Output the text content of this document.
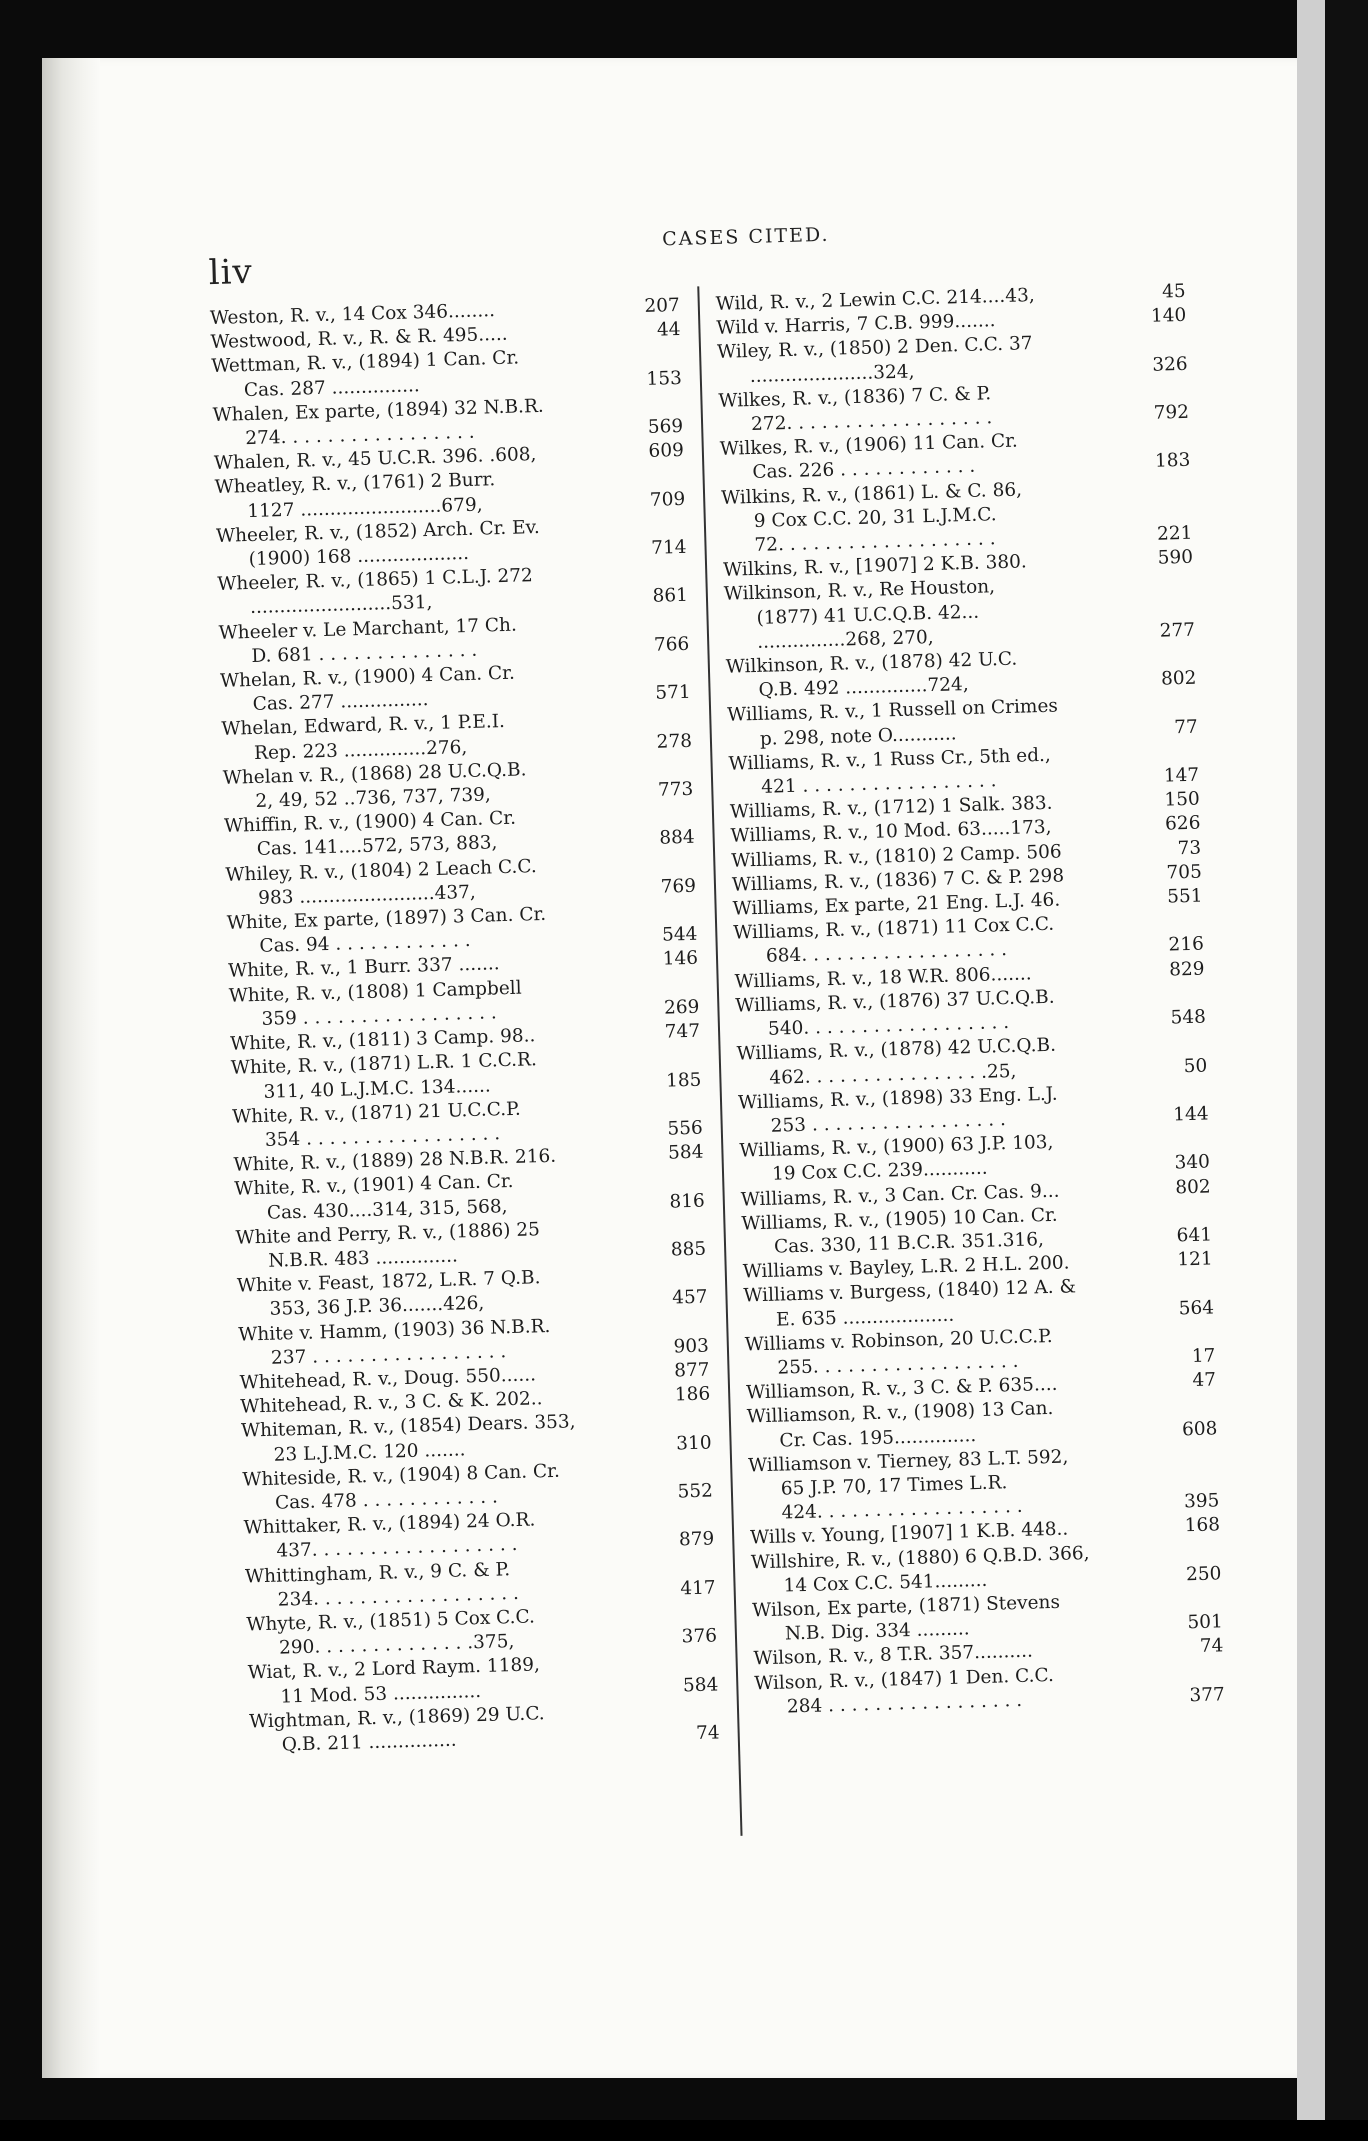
liv
CASES CITED.
Weston, R. v., 14 Cox 346........	207
Westwood, R. v., R. & R. 495.....	44
Wettman, R. v., (1894) 1 Can. Cr.
Cas. 287 ...............	153
Whalen, Ex parte, (1894) 32 N.B.R.
274. . . . . . . . . . . . . . . . .	569
Whalen, R. v., 45 U.C.R. 396. .608,	609
Wheatley, R. v., (1761) 2 Burr.
1127 ........................679,	709
Wheeler, R. v., (1852) Arch. Cr. Ev.
(1900) 168 ...................	714
Wheeler, R. v., (1865) 1 C.L.J. 272
........................531,	861
Wheeler v. Le Marchant, 17 Ch.
D. 681 . . . . . . . . . . . . . .	766
Whelan, R. v., (1900) 4 Can. Cr.
Cas. 277 ...............	571
Whelan, Edward, R. v., 1 P.E.I.
Rep. 223 ..............276,	278
Whelan v. R., (1868) 28 U.C.Q.B.
2, 49, 52 ..736, 737, 739,	773
Whiffin, R. v., (1900) 4 Can. Cr.
Cas. 141....572, 573, 883,	884
Whiley, R. v., (1804) 2 Leach C.C.
983 .......................437,	769
White, Ex parte, (1897) 3 Can. Cr.
Cas. 94 . . . . . . . . . . . .	544
White, R. v., 1 Burr. 337 .......	146
White, R. v., (1808) 1 Campbell
359 . . . . . . . . . . . . . . . . .	269
White, R. v., (1811) 3 Camp. 98..	747
White, R. v., (1871) L.R. 1 C.C.R.
311, 40 L.J.M.C. 134......	185
White, R. v., (1871) 21 U.C.C.P.
354 . . . . . . . . . . . . . . . . .	556
White, R. v., (1889) 28 N.B.R. 216.	584
White, R. v., (1901) 4 Can. Cr.
Cas. 430....314, 315, 568,	816
White and Perry, R. v., (1886) 25
N.B.R. 483 ..............	885
White v. Feast, 1872, L.R. 7 Q.B.
353, 36 J.P. 36.......426,	457
White v. Hamm, (1903) 36 N.B.R.
237 . . . . . . . . . . . . . . . . .	903
Whitehead, R. v., Doug. 550......	877
Whitehead, R. v., 3 C. & K. 202..	186
Whiteman, R. v., (1854) Dears. 353,
23 L.J.M.C. 120 .......	310
Whiteside, R. v., (1904) 8 Can. Cr.
Cas. 478 . . . . . . . . . . . .	552
Whittaker, R. v., (1894) 24 O.R.
437. . . . . . . . . . . . . . . . . .	879
Whittingham, R. v., 9 C. & P.
234. . . . . . . . . . . . . . . . . .	417
Whyte, R. v., (1851) 5 Cox C.C.
290. . . . . . . . . . . . . .375,	376
Wiat, R. v., 2 Lord Raym. 1189,
11 Mod. 53 ...............	584
Wightman, R. v., (1869) 29 U.C.
Q.B. 211 ...............	74
Wild, R. v., 2 Lewin C.C. 214....43,	45
Wild v. Harris, 7 C.B. 999.......	140
Wiley, R. v., (1850) 2 Den. C.C. 37
.....................324,	326
Wilkes, R. v., (1836) 7 C. & P.
272. . . . . . . . . . . . . . . . . .	792
Wilkes, R. v., (1906) 11 Can. Cr.
Cas. 226 . . . . . . . . . . . .	183
Wilkins, R. v., (1861) L. & C. 86,
9 Cox C.C. 20, 31 L.J.M.C.
72. . . . . . . . . . . . . . . . . . .	221
Wilkins, R. v., [1907] 2 K.B. 380.	590
Wilkinson, R. v., Re Houston,
(1877) 41 U.C.Q.B. 42...
...............268, 270,	277
Wilkinson, R. v., (1878) 42 U.C.
Q.B. 492 ..............724,	802
Williams, R. v., 1 Russell on Crimes
p. 298, note O...........	77
Williams, R. v., 1 Russ Cr., 5th ed.,
421 . . . . . . . . . . . . . . . . .	147
Williams, R. v., (1712) 1 Salk. 383.	150
Williams, R. v., 10 Mod. 63.....173,	626
Williams, R. v., (1810) 2 Camp. 506	73
Williams, R. v., (1836) 7 C. & P. 298	705
Williams, Ex parte, 21 Eng. L.J. 46.	551
Williams, R. v., (1871) 11 Cox C.C.
684. . . . . . . . . . . . . . . . . .	216
Williams, R. v., 18 W.R. 806.......	829
Williams, R. v., (1876) 37 U.C.Q.B.
540. . . . . . . . . . . . . . . . . .	548
Williams, R. v., (1878) 42 U.C.Q.B.
462. . . . . . . . . . . . . . . .25,	50
Williams, R. v., (1898) 33 Eng. L.J.
253 . . . . . . . . . . . . . . . . .	144
Williams, R. v., (1900) 63 J.P. 103,
19 Cox C.C. 239...........	340
Williams, R. v., 3 Can. Cr. Cas. 9...	802
Williams, R. v., (1905) 10 Can. Cr.
Cas. 330, 11 B.C.R. 351.316,	641
Williams v. Bayley, L.R. 2 H.L. 200.	121
Williams v. Burgess, (1840) 12 A. &
E. 635 ...................	564
Williams v. Robinson, 20 U.C.C.P.
255. . . . . . . . . . . . . . . . . .	17
Williamson, R. v., 3 C. & P. 635....	47
Williamson, R. v., (1908) 13 Can.
Cr. Cas. 195..............	608
Williamson v. Tierney, 83 L.T. 592,
65 J.P. 70, 17 Times L.R.
424. . . . . . . . . . . . . . . . . .	395
Wills v. Young, [1907] 1 K.B. 448..	168
Willshire, R. v., (1880) 6 Q.B.D. 366,
14 Cox C.C. 541.........	250
Wilson, Ex parte, (1871) Stevens
N.B. Dig. 334 .........	501
Wilson, R. v., 8 T.R. 357..........	74
Wilson, R. v., (1847) 1 Den. C.C.
284 . . . . . . . . . . . . . . . . .	377
